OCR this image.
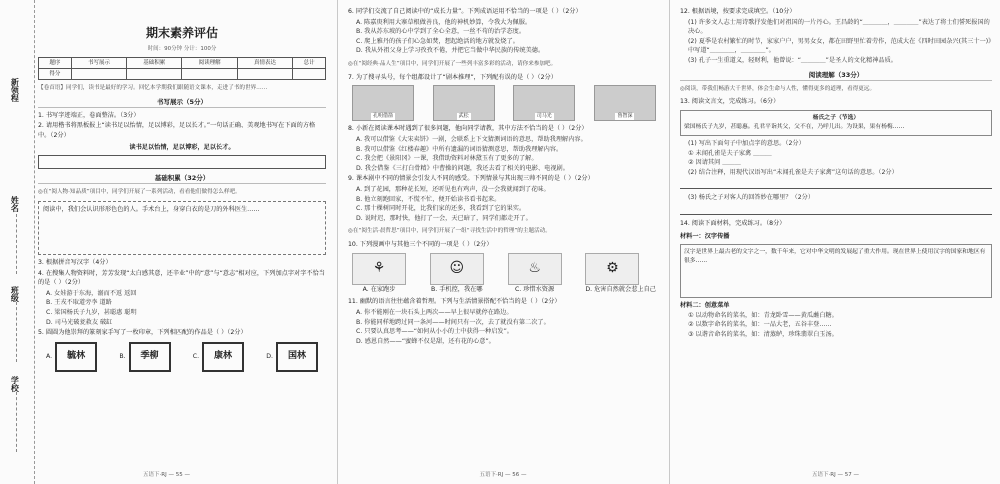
新领程
姓名
班级
学校
期末素养评估
时间：90分钟 分计：100分
题序	书写展示	基础积累	阅读理解	真情表达	总计
得分					
【卷首语】同学们，读书是最好的学习。回忆本学期我们跟随语文课本，走进了书的世界……
书写展示（5分）
1. 书写字迹端正，卷面整洁。（3分）
2. 请用楷书将黑板报上“读书足以怡情，足以博彩，足以长才。”一句话正确、美观地书写在下面的方格中。（2分）
读书足以怡情，足以博彩，足以长才。
基础积累（32分）
◎在“阅人物·知品质”项目中，同学们开展了一系列活动，看看他们做得怎么样吧。
阅读中，我们会认识形形色色的人。手术台上，身穿白衣的是刀的外科医生……
3. 根据拼音写汉字（4分）
4. 在搜集人物资料时，芳芳发现“太白感其意，还辛业”中的“意”与“意志”相对应，下列加点字对字不恰当的是（ ）（2分）
A. 女娃游于东海，溺而不返 返回
B. 王戎不取道旁李 道路
C. 梁国杨氏子九岁，甚聪惠 聪明
D. 司马光破瓮救友 破缸
5. 圆圆为他崇拜的篆刻家手写了一枚印章，下列相匹配的作品是（ ）（2分）
A.	毓林	B.	季柳	C.	康林	D.	国林
五语下·RJ — 55 —
6. 同学们交流了自己阅读中的“成长力量”。下列成语运用不恰当的一项是（ ）（2分）
A. 陈嘉庚利用大寨草根做善良，他的神机妙算，令我大为佩服。
B. 我从苏东坡的心中学到了全心全意，一丝不苟的治学态度。
C. 爬上雅丹的孩子们心急如焚，想起绝活的地方就发烧了。
D. 我从外祖父身上学习孜孜不倦，并把它当做中华民族的传统美德。
◎在“阅经典·品人生”项目中，同学们开展了一些列丰富多彩的活动，请你来参加吧。
7. 为了搜寻头号，每个组都设计了“剧本推理”，下列配有误的是（ ）（2分）
孔明借箭	武松	司马光	鲁智深
8. 小新在阅读课本时遇到了很多问题，他向同学请教，其中方法不恰当的是（ ）（2分）
A. 我可以借鉴《大宋卖饼》一剧，会联系上下文猜测词语的意思，帮助我理解内容。
B. 我可以借鉴《红楼春趣》中所有遗漏的词语猜测意思，帮助我理解内容。
C. 我会把《景阳冈》一课，我借助资料对林黛玉有了更多的了解。
D. 我会借鉴《三打白骨精》中曹操的问题，我还去看了相关的电影、电视剧。
9. 课本剧中不同的情景会引发人不同的感受。下列情景与其出现三帅不同的是（ ）（2分）
A. 到了花园，那种花长短，还听见也有鸡声，没一会我就闻到了花味。
B. 他立刻跑回家，不慌不忙，便开始读书看书起来。
C. 那十棵树同时开花，比我们家的还多，我看到了它的果实。
D. 说时迟，那时快，他打了一会，天已暗了，同学们都走开了。
◎在“阅生活·晨哲思”项目中，同学们开展了一组“寻找生活中的哲理”的主题活动。
10. 下列漫画中与其他三个不同的一项是（ ）（2分）
⚘
A. 在家跑步
☺
B. 手机控，我在哪
♨
C. 珍惜水资源
⚙
D. 危害自然就会惹上自己
11. 幽默的语言往往蕴含着哲理。下列与生活情景搭配不恰当的是（ ）（2分）
A. 你不能刚在一块石头上两次——早上很早就停在路边。
B. 你能同样地跨过同一条河——时间只有一次，去了就没有第二次了。
C. 只要认真思考——“如何从小小的土中获得一种启发”。
D. 感恩自然——“蜜蜂不仅是甜，还有花的心意”。
五语下·RJ — 56 —
12. 根据语境，按要求完成填空。（10分）
(1) 许多文人志士用诗歌抒发他们对祖国的一片丹心。王昌龄的“＿＿＿＿，＿＿＿＿”表达了将士们誓死报国的决心。
(2) 夏季是农村繁忙的时节，家家户户，男男女女，都在田野里忙着劳作，范成大在《四时田园杂兴(其三十一)》中写道“＿＿＿＿，＿＿＿＿”。
(3) 孔子一生重道义，轻财利，他曾说：“＿＿＿＿”是圣人的文化精神品质。
阅读理解（33分）
◎阅读，带我们畅游大千世界，体会生命与人性，懂得更多的道理，看得更远。
13. 阅读文言文，完成练习。（6分）
杨氏之子（节选）
梁国杨氏子九岁，甚聪惠。孔君平诣其父，父不在，乃呼儿出。为设果，果有杨梅……
(1) 写出下面句子中加点字的意思。（2分）
① 未闻孔雀是夫子家禽 ＿＿＿
② 因请其问 ＿＿＿
(2) 结合注释，用现代汉语写出“未闻孔雀是夫子家禽”这句话的意思。（2分）
(3) 杨氏之子对客人的回答妙在哪里？（2分）
14. 阅读下面材料，完成练习。（8分）
材料一：汉字传播
汉字是世界上最古老的文字之一，数千年来，它对中华文明的发展起了重大作用。现在世界上使用汉字的国家和地区有很多……
材料二：创意菜单
① 以动物命名的菜名，如：青龙卧雪——黄瓜蘸白糖。
② 以数字命名的菜名，如：一品大老，五谷丰登……
③ 以谐音命名的菜名，如：清蒸鲈，珍珠翡翠白玉汤。
五语下·RJ — 57 —
